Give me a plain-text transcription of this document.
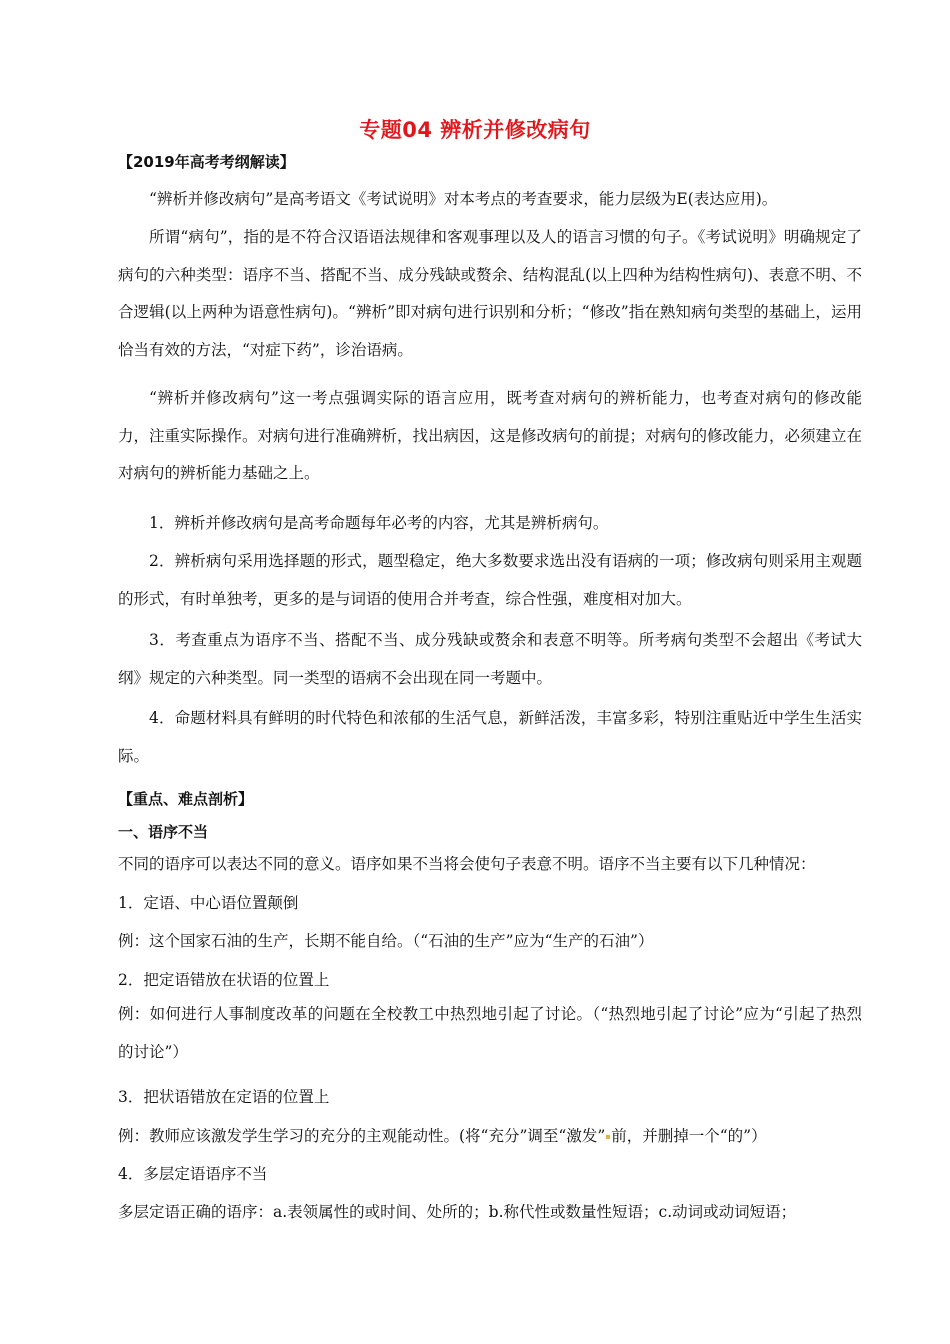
专题04 辨析并修改病句
【2019年高考考纲解读】
“辨析并修改病句”是高考语文《考试说明》对本考点的考查要求，能力层级为E(表达应用)。
所谓“病句”，指的是不符合汉语语法规律和客观事理以及人的语言习惯的句子。《考试说明》明确规定了病句的六种类型：语序不当、搭配不当、成分残缺或赘余、结构混乱(以上四种为结构性病句)、表意不明、不合逻辑(以上两种为语意性病句)。“辨析”即对病句进行识别和分析；“修改”指在熟知病句类型的基础上，运用恰当有效的方法，“对症下药”，诊治语病。
“辨析并修改病句”这一考点强调实际的语言应用，既考查对病句的辨析能力，也考查对病句的修改能力，注重实际操作。对病句进行准确辨析，找出病因，这是修改病句的前提；对病句的修改能力，必须建立在对病句的辨析能力基础之上。
1．辨析并修改病句是高考命题每年必考的内容，尤其是辨析病句。
2．辨析病句采用选择题的形式，题型稳定，绝大多数要求选出没有语病的一项；修改病句则采用主观题的形式，有时单独考，更多的是与词语的使用合并考查，综合性强，难度相对加大。
3．考查重点为语序不当、搭配不当、成分残缺或赘余和表意不明等。所考病句类型不会超出《考试大纲》规定的六种类型。同一类型的语病不会出现在同一考题中。
4．命题材料具有鲜明的时代特色和浓郁的生活气息，新鲜活泼，丰富多彩，特别注重贴近中学生生活实际。
【重点、难点剖析】
一、语序不当
不同的语序可以表达不同的意义。语序如果不当将会使句子表意不明。语序不当主要有以下几种情况：
1．定语、中心语位置颠倒
例：这个国家石油的生产，长期不能自给。（“石油的生产”应为“生产的石油”）
2．把定语错放在状语的位置上
例：如何进行人事制度改革的问题在全校教工中热烈地引起了讨论。（“热烈地引起了讨论”应为“引起了热烈的讨论”）
3．把状语错放在定语的位置上
例：教师应该激发学生学习的充分的主观能动性。(将“充分”调至“激发” 前，并删掉一个“的”）
4．多层定语语序不当
多层定语正确的语序：a.表领属性的或时间、处所的；b.称代性或数量性短语；c.动词或动词短语；
